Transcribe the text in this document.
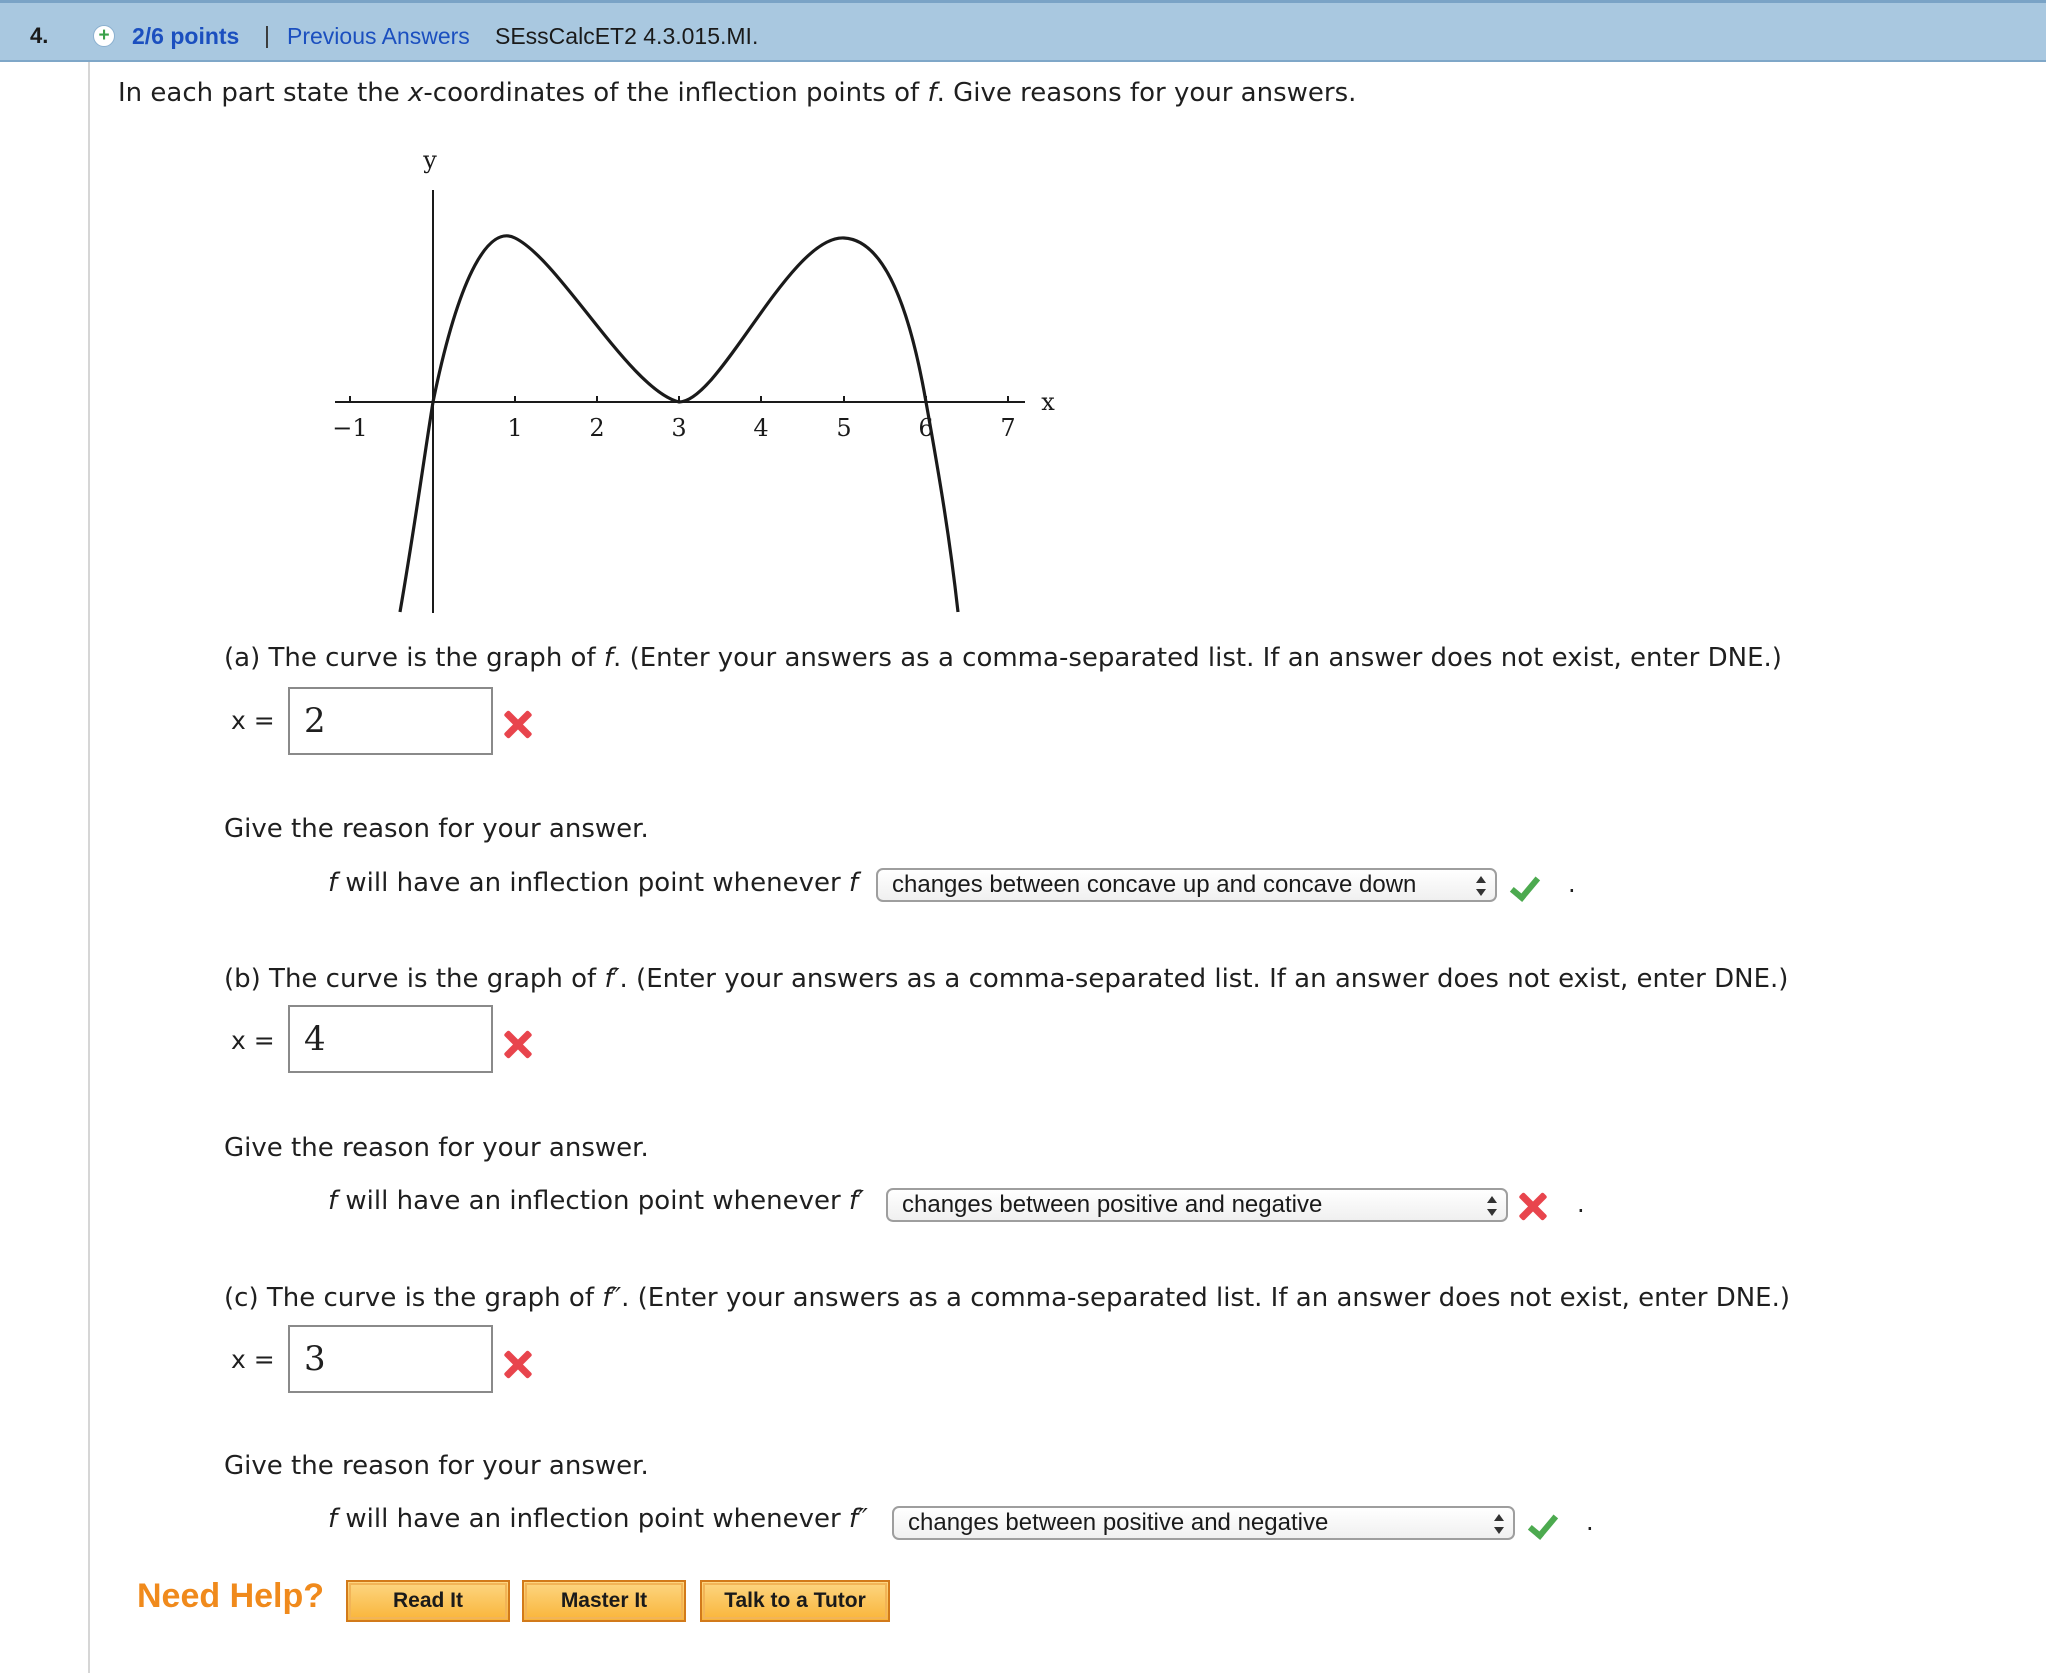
4.	+ 2/6 points | Previous Answers SEssCalcET2 4.3.015.MI.
In each part state the x-coordinates of the inflection points of f. Give reasons for your answers.
y
x
−1	1	2	3	4	5	6	7
(a) The curve is the graph of f. (Enter your answers as a comma-separated list. If an answer does not exist, enter DNE.)
x = 2
Give the reason for your answer.
f will have an inflection point whenever f	changes between concave up and concave down	.
(b) The curve is the graph of f′. (Enter your answers as a comma-separated list. If an answer does not exist, enter DNE.)
x = 4
Give the reason for your answer.
f will have an inflection point whenever f′	changes between positive and negative	.
(c) The curve is the graph of f″. (Enter your answers as a comma-separated list. If an answer does not exist, enter DNE.)
x = 3
Give the reason for your answer.
f will have an inflection point whenever f″	changes between positive and negative	.
Need Help?	Read It	Master It	Talk to a Tutor
